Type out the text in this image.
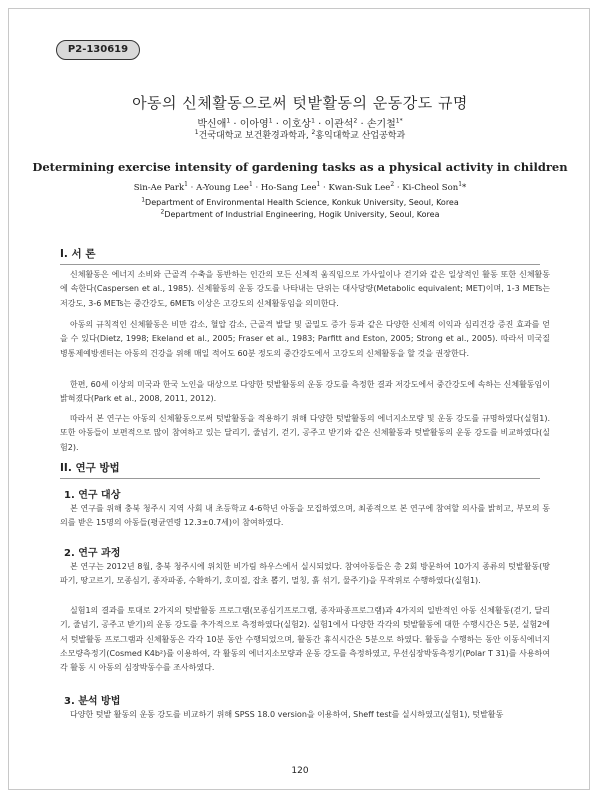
P2-130619
아동의 신체활동으로써 텃밭활동의 운동강도 규명
박신애$^1$ · 이아영$^1$ · 이호상$^1$ · 이관석$^2$ · 손기철$^{1*}$
$^1$건국대학교 보건환경과학과, $^2$홍익대학교 산업공학과
Determining exercise intensity of gardening tasks as a physical activity in children
Sin-Ae Park$^1$ · A-Young Lee$^1$ · Ho-Sang Lee$^1$ · Kwan-Suk Lee$^2$ · Ki-Cheol Son$^1$*
$^1$Department of Environmental Health Science, Konkuk University, Seoul, Korea
$^2$Department of Industrial Engineering, Hogik University, Seoul, Korea
I. 서 론

신체활동은 에너지 소비와 근골격 수축을 동반하는 인간의 모든 신체적 움직임으로 가사일이나 걷기와 같은 일상적인 활동 또한 신체활동에 속한다(Caspersen et al., 1985). 신체활동의 운동 강도를 나타내는 단위는 대사당량(Metabolic equivalent; MET)이며, 1-3 METs는 저강도, 3-6 METs는 중간강도, 6METs 이상은 고강도의 신체활동임을 의미한다.

아동의 규칙적인 신체활동은 비만 감소, 혈압 감소, 근골격 발달 및 골밀도 증가 등과 같은 다양한 신체적 이익과 심리건강 증진 효과를 얻을 수 있다(Dietz, 1998; Ekeland et al., 2005; Fraser et al., 1983; Parfitt and Eston, 2005; Strong et al., 2005). 따라서 미국질병통제예방센터는 아동의 건강을 위해 매일 적어도 60분 정도의 중간강도에서 고강도의 신체활동을 할 것을 권장한다.

한편, 60세 이상의 미국과 한국 노인을 대상으로 다양한 텃밭활동의 운동 강도를 측정한 결과 저강도에서 중간강도에 속하는 신체활동임이 밝혀졌다(Park et al., 2008, 2011, 2012).

따라서 본 연구는 아동의 신체활동으로써 텃밭활동을 적용하기 위해 다양한 텃밭활동의 에너지소모량 및 운동 강도를 규명하였다(실험1). 또한 아동들이 보편적으로 많이 참여하고 있는 달리기, 줄넘기, 걷기, 공주고 받기와 같은 신체활동과 텃밭활동의 운동 강도를 비교하였다(실험2).

II. 연구 방법
1. 연구 대상

본 연구를 위해 충북 청주시 지역 사회 내 초등학교 4-6학년 아동을 모집하였으며, 최종적으로 본 연구에 참여할 의사를 밝히고, 부모의 동의를 받은 15명의 아동들(평균연령 12.3±0.7세)이 참여하였다.

2. 연구 과정

본 연구는 2012년 8월, 충북 청주시에 위치한 비가림 하우스에서 실시되었다. 참여아동들은 총 2회 방문하여 10가지 종류의 텃밭활동(땅파기, 땅고르기, 모종심기, 종자파종, 수확하기, 호미질, 잡초 뽑기, 멀칭, 흙 섞기, 물주기)을 무작위로 수행하였다(실험1).

실험1의 결과를 토대로 2가지의 텃밭활동 프로그램(모종심기프로그램, 종자파종프로그램)과 4가지의 일반적인 아동 신체활동(걷기, 달리기, 줄넘기, 공주고 받기)의 운동 강도를 추가적으로 측정하였다(실험2). 실험1에서 다양한 각각의 텃밭활동에 대한 수행시간은 5분, 실험2에서 텃밭활동 프로그램과 신체활동은 각각 10분 동안 수행되었으며, 활동간 휴식시간은 5분으로 하였다. 활동을 수행하는 동안 이동식에너지소모량측정기(Cosmed K4b²)를 이용하여, 각 활동의 에너지소모량과 운동 강도를 측정하였고, 무선심장박동측정기(Polar T 31)를 사용하여 각 활동 시 아동의 심장박동수를 조사하였다.

3. 분석 방법

다양한 텃밭 활동의 운동 강도를 비교하기 위해 SPSS 18.0 version을 이용하여, Sheff test를 실시하였고(실험1), 텃밭활동

120
